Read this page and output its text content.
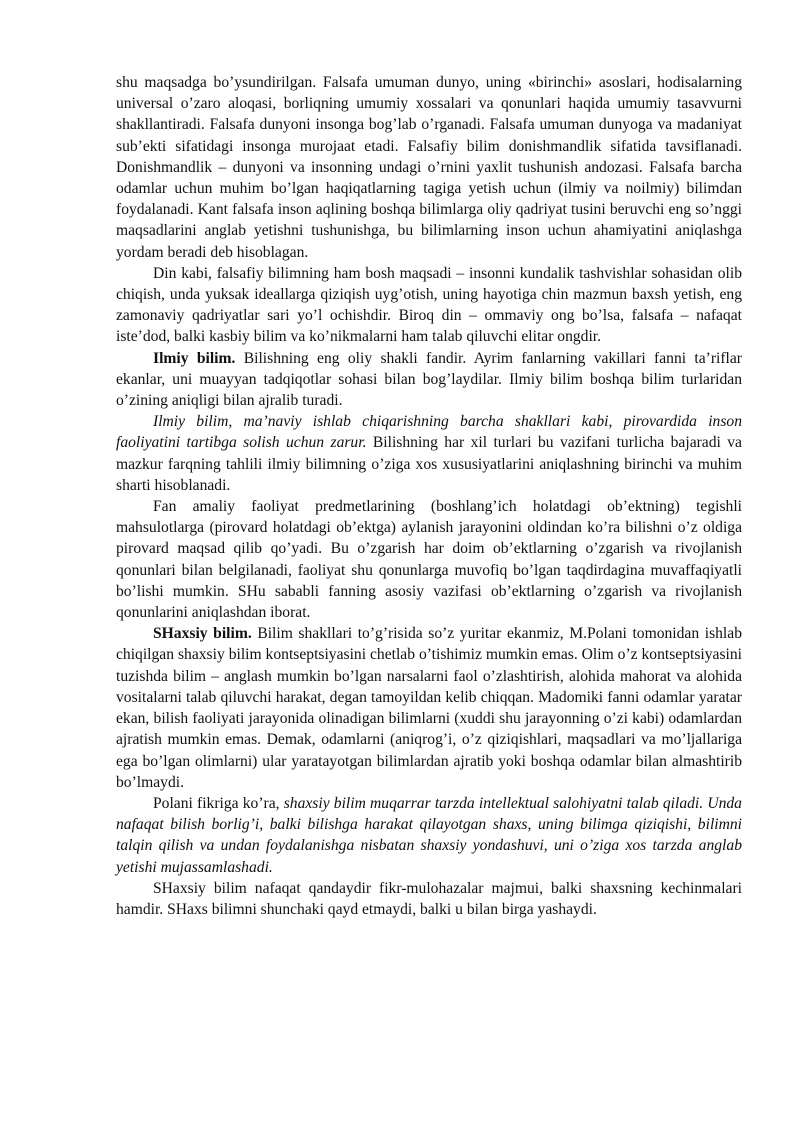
shu maqsadga bo’ysundirilgan. Falsafa umuman dunyo, uning «birinchi» asoslari, hodisalarning universal o’zaro aloqasi, borliqning umumiy xossalari va qonunlari haqida umumiy tasavvurni shakllantiradi. Falsafa dunyoni insonga bog’lab o’rganadi. Falsafa umuman dunyoga va madaniyat sub’ekti sifatidagi insonga murojaat etadi. Falsafiy bilim donishmandlik sifatida tavsiflanadi. Donishmandlik – dunyoni va insonning undagi o’rnini yaxlit tushunish andozasi. Falsafa barcha odamlar uchun muhim bo’lgan haqiqatlarning tagiga yetish uchun (ilmiy va noilmiy) bilimdan foydalanadi. Kant falsafa inson aqlining boshqa bilimlarga oliy qadriyat tusini beruvchi eng so’nggi maqsadlarini anglab yetishni tushunishga, bu bilimlarning inson uchun ahamiyatini aniqlashga yordam beradi deb hisoblagan.

Din kabi, falsafiy bilimning ham bosh maqsadi – insonni kundalik tashvishlar sohasidan olib chiqish, unda yuksak ideallarga qiziqish uyg’otish, uning hayotiga chin mazmun baxsh yetish, eng zamonaviy qadriyatlar sari yo’l ochishdir. Biroq din – ommaviy ong bo’lsa, falsafa – nafaqat iste’dod, balki kasbiy bilim va ko’nikmalarni ham talab qiluvchi elitar ongdir.

Ilmiy bilim. Bilishning eng oliy shakli fandir. Ayrim fanlarning vakillari fanni ta’riflar ekanlar, uni muayyan tadqiqotlar sohasi bilan bog’laydilar. Ilmiy bilim boshqa bilim turlaridan o’zining aniqligi bilan ajralib turadi.

Ilmiy bilim, ma’naviy ishlab chiqarishning barcha shakllari kabi, pirovardida inson faoliyatini tartibga solish uchun zarur. Bilishning har xil turlari bu vazifani turlicha bajaradi va mazkur farqning tahlili ilmiy bilimning o’ziga xos xususiyatlarini aniqlashning birinchi va muhim sharti hisoblanadi.

Fan amaliy faoliyat predmetlarining (boshlang’ich holatdagi ob’ektning) tegishli mahsulotlarga (pirovard holatdagi ob’ektga) aylanish jarayonini oldindan ko’ra bilishni o’z oldiga pirovard maqsad qilib qo’yadi. Bu o’zgarish har doim ob’ektlarning o’zgarish va rivojlanish qonunlari bilan belgilanadi, faoliyat shu qonunlarga muvofiq bo’lgan taqdirdagina muvaffaqiyatli bo’lishi mumkin. SHu sababli fanning asosiy vazifasi ob’ektlarning o’zgarish va rivojlanish qonunlarini aniqlashdan iborat.

SHaxsiy bilim. Bilim shakllari to’g’risida so’z yuritar ekanmiz, M.Polani tomonidan ishlab chiqilgan shaxsiy bilim kontseptsiyasini chetlab o’tishimiz mumkin emas. Olim o’z kontseptsiyasini tuzishda bilim – anglash mumkin bo’lgan narsalarni faol o’zlashtirish, alohida mahorat va alohida vositalarni talab qiluvchi harakat, degan tamoyildan kelib chiqqan. Madomiki fanni odamlar yaratar ekan, bilish faoliyati jarayonida olinadigan bilimlarni (xuddi shu jarayonning o’zi kabi) odamlardan ajratish mumkin emas. Demak, odamlarni (aniqrog’i, o’z qiziqishlari, maqsadlari va mo’ljallariga ega bo’lgan olimlarni) ular yaratayotgan bilimlardan ajratib yoki boshqa odamlar bilan almashtirib bo’lmaydi.

Polani fikriga ko’ra, shaxsiy bilim muqarrar tarzda intellektual salohiyatni talab qiladi. Unda nafaqat bilish borlig’i, balki bilishga harakat qilayotgan shaxs, uning bilimga qiziqishi, bilimni talqin qilish va undan foydalanishga nisbatan shaxsiy yondashuvi, uni o’ziga xos tarzda anglab yetishi mujassamlashadi.

SHaxsiy bilim nafaqat qandaydir fikr-mulohazalar majmui, balki shaxsning kechinmalari hamdir. SHaxs bilimni shunchaki qayd etmaydi, balki u bilan birga yashaydi.
